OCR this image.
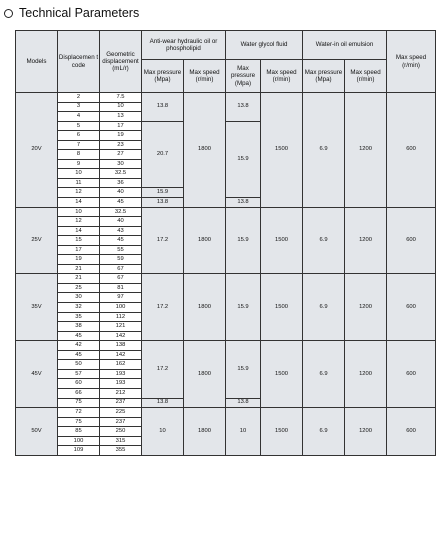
Technical Parameters
Models	Displacemen t code	Geometric displacement (mL/r)	Anti-wear hydraulic oil or phospholipid		Water glycol fluid		Water-in oil emulsion		Max speed (r/min)
			Max pressure (Mpa)	Max speed (r/min)	Max pressure (Mpa)	Max speed (r/min)	Max pressure (Mpa)	Max speed (r/min)	
20V	2	7.5	13.8	1800	13.8	1500	6.9	1200	600
	3	10							
	4	13							
	5	17	20.7		15.9				
	6	19							
	7	23							
	8	27							
	9	30							
	10	32.5							
	11	36							
	12	40	15.9						
	14	45	13.8		13.8				
25V	10	32.5	17.2	1800	15.9	1500	6.9	1200	600
	12	40							
	14	43							
	15	45							
	17	55							
	19	59							
	21	67							
35V	21	67	17.2	1800	15.9	1500	6.9	1200	600
	25	81							
	30	97							
	32	100							
	35	112							
	38	121							
	45	142							
45V	42	138	17.2	1800	15.9	1500	6.9	1200	600
	45	142							
	50	162							
	57	193							
	60	193							
	66	212							
	75	237	13.8		13.8				
50V	72	225	10	1800	10	1500	6.9	1200	600
	75	237							
	85	250							
	100	315							
	109	355							
